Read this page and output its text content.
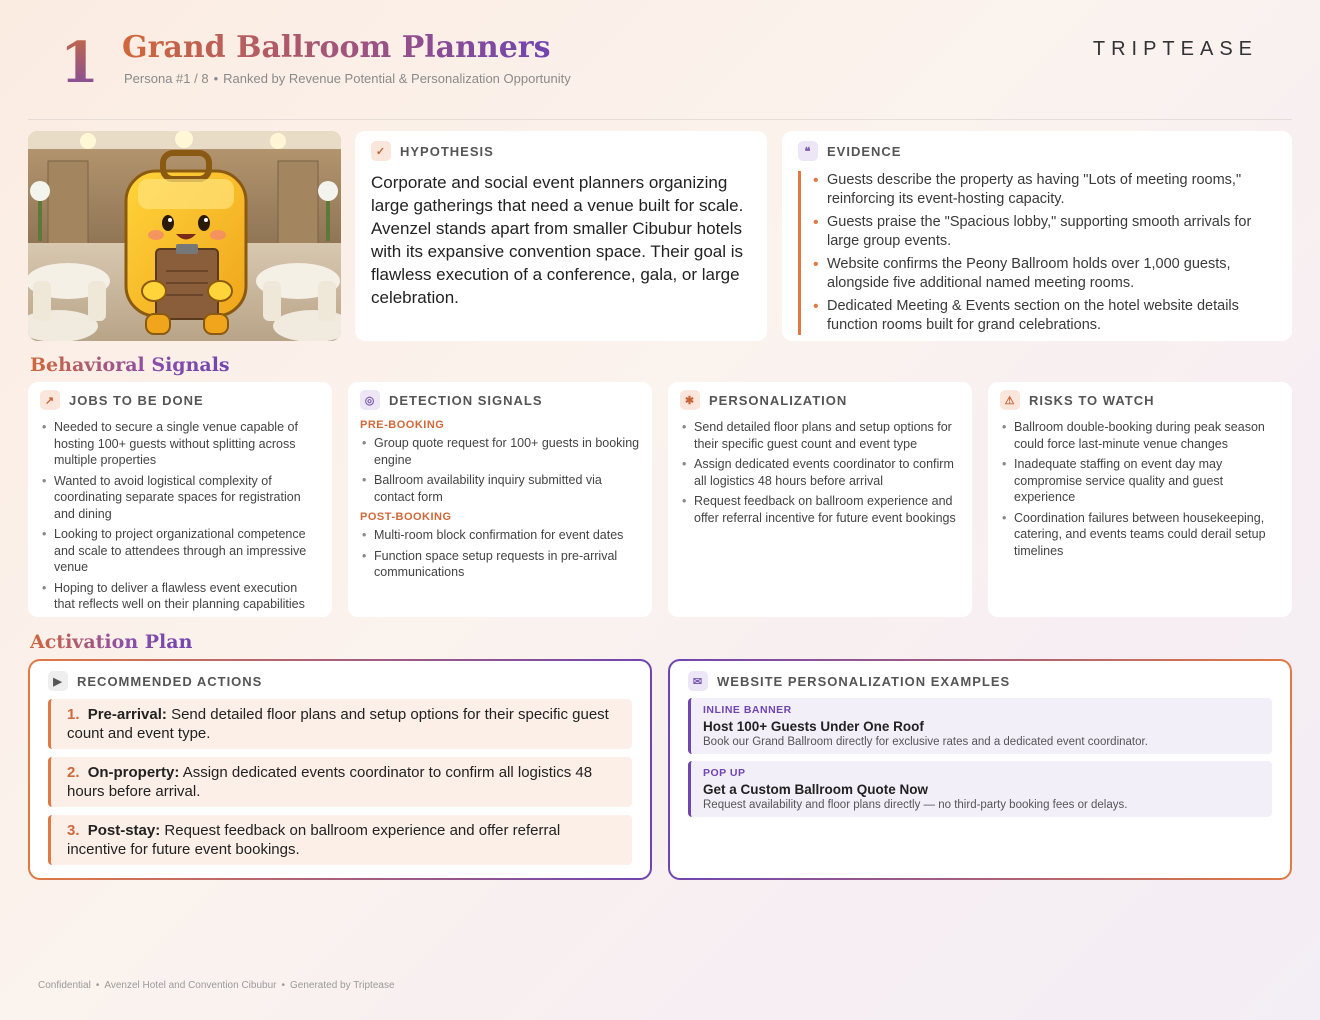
1 Grand Ballroom Planners
Persona #1 / 8 • Ranked by Revenue Potential & Personalization Opportunity
TRIPTEASE
✓	HYPOTHESIS

Corporate and social event planners organizing large gatherings that need a venue built for scale. Avenzel stands apart from smaller Cibubur hotels with its expansive convention space. Their goal is flawless execution of a conference, gala, or large celebration.

❝	EVIDENCE
• Guests describe the property as having "Lots of meeting rooms," reinforcing its event-hosting capacity.
• Guests praise the "Spacious lobby," supporting smooth arrivals for large group events.
• Website confirms the Peony Ballroom holds over 1,000 guests, alongside five additional named meeting rooms.
• Dedicated Meeting & Events section on the hotel website details function rooms built for grand celebrations.
Behavioral Signals
↗	JOBS TO BE DONE
• Needed to secure a single venue capable of hosting 100+ guests without splitting across multiple properties
• Wanted to avoid logistical complexity of coordinating separate spaces for registration and dining
• Looking to project organizational competence and scale to attendees through an impressive venue
• Hoping to deliver a flawless event execution that reflects well on their planning capabilities
◎	DETECTION SIGNALS
PRE-BOOKING
• Group quote request for 100+ guests in booking engine
• Ballroom availability inquiry submitted via contact form
POST-BOOKING
• Multi-room block confirmation for event dates
• Function space setup requests in pre-arrival communications
✱	PERSONALIZATION
• Send detailed floor plans and setup options for their specific guest count and event type
• Assign dedicated events coordinator to confirm all logistics 48 hours before arrival
• Request feedback on ballroom experience and offer referral incentive for future event bookings
⚠	RISKS TO WATCH
• Ballroom double-booking during peak season could force last-minute venue changes
• Inadequate staffing on event day may compromise service quality and guest experience
• Coordination failures between housekeeping, catering, and events teams could derail setup timelines
Activation Plan
▶	RECOMMENDED ACTIONS
1. Pre-arrival: Send detailed floor plans and setup options for their specific guest count and event type.
2. On-property: Assign dedicated events coordinator to confirm all logistics 48 hours before arrival.
3. Post-stay: Request feedback on ballroom experience and offer referral incentive for future event bookings.
✉	WEBSITE PERSONALIZATION EXAMPLES
INLINE BANNER
Host 100+ Guests Under One Roof
Book our Grand Ballroom directly for exclusive rates and a dedicated event coordinator.
POP UP
Get a Custom Ballroom Quote Now
Request availability and floor plans directly — no third-party booking fees or delays.
Confidential • Avenzel Hotel and Convention Cibubur • Generated by Triptease
